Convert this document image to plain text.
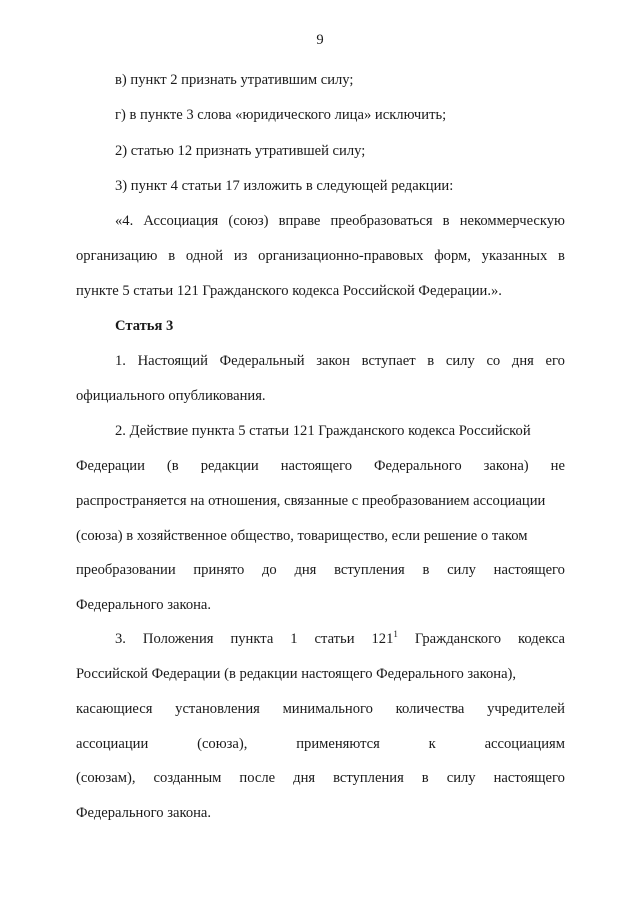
9
в) пункт 2 признать утратившим силу;
г) в пункте 3 слова «юридического лица» исключить;
2) статью 12 признать утратившей силу;
3) пункт 4 статьи 17 изложить в следующей редакции:
«4. Ассоциация (союз) вправе преобразоваться в некоммерческую
организацию в одной из организационно-правовых форм, указанных в
пункте 5 статьи 121 Гражданского кодекса Российской Федерации.».
Статья 3
1. Настоящий Федеральный закон вступает в силу со дня его
официального опубликования.
2. Действие пункта 5 статьи 121 Гражданского кодекса Российской
Федерации (в редакции настоящего Федерального закона) не
распространяется на отношения, связанные с преобразованием ассоциации
(союза) в хозяйственное общество, товарищество, если решение о таком
преобразовании принято до дня вступления в силу настоящего
Федерального закона.
3. Положения пункта 1 статьи $121^1$ Гражданского кодекса
Российской Федерации (в редакции настоящего Федерального закона),
касающиеся установления минимального количества учредителей
ассоциации	(союза),	применяются	к	ассоциациям
(союзам), созданным после дня вступления в силу настоящего
Федерального закона.
